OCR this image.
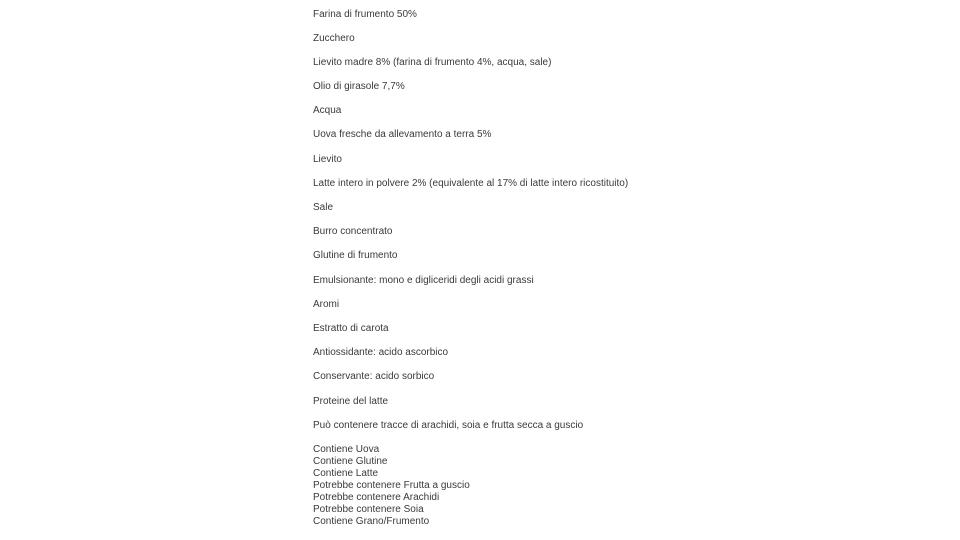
Farina di frumento 50%
Zucchero
Lievito madre 8% (farina di frumento 4%, acqua, sale)
Olio di girasole 7,7%
Acqua
Uova fresche da allevamento a terra 5%
Lievito
Latte intero in polvere 2% (equivalente al 17% di latte intero ricostituito)
Sale
Burro concentrato
Glutine di frumento
Emulsionante: mono e digliceridi degli acidi grassi
Aromi
Estratto di carota
Antiossidante: acido ascorbico
Conservante: acido sorbico
Proteine del latte
Può contenere tracce di arachidi, soia e frutta secca a guscio
Contiene Uova
Contiene Glutine
Contiene Latte
Potrebbe contenere Frutta a guscio
Potrebbe contenere Arachidi
Potrebbe contenere Soia
Contiene Grano/Frumento
